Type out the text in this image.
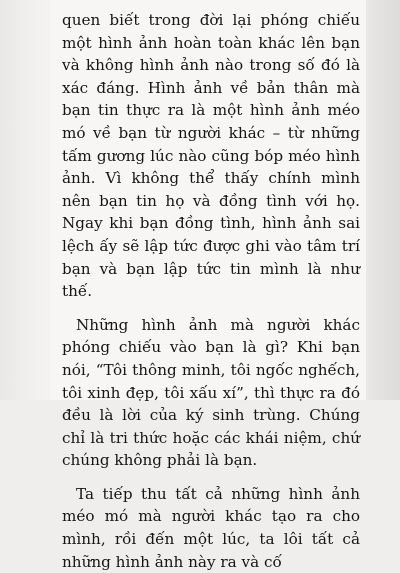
quen biết trong đời lại phóng chiếu một hình ảnh hoàn toàn khác lên bạn và không hình ảnh nào trong số đó là xác đáng. Hình ảnh về bản thân mà bạn tin thực ra là một hình ảnh méo mó về bạn từ người khác – từ những tấm gương lúc nào cũng bóp méo hình ảnh. Vì không thể thấy chính mình nên bạn tin họ và đồng tình với họ. Ngay khi bạn đồng tình, hình ảnh sai lệch ấy sẽ lập tức được ghi vào tâm trí bạn và bạn lập tức tin mình là như thế.
Những hình ảnh mà người khác phóng chiếu vào bạn là gì? Khi bạn nói, “Tôi thông minh, tôi ngốc nghếch, tôi xinh đẹp, tôi xấu xí”, thì thực ra đó đều là lời của ký sinh trùng. Chúng chỉ là tri thức hoặc các khái niệm, chứ chúng không phải là bạn.
Ta tiếp thu tất cả những hình ảnh méo mó mà người khác tạo ra cho mình, rồi đến một lúc, ta lôi tất cả những hình ảnh này ra và cố
